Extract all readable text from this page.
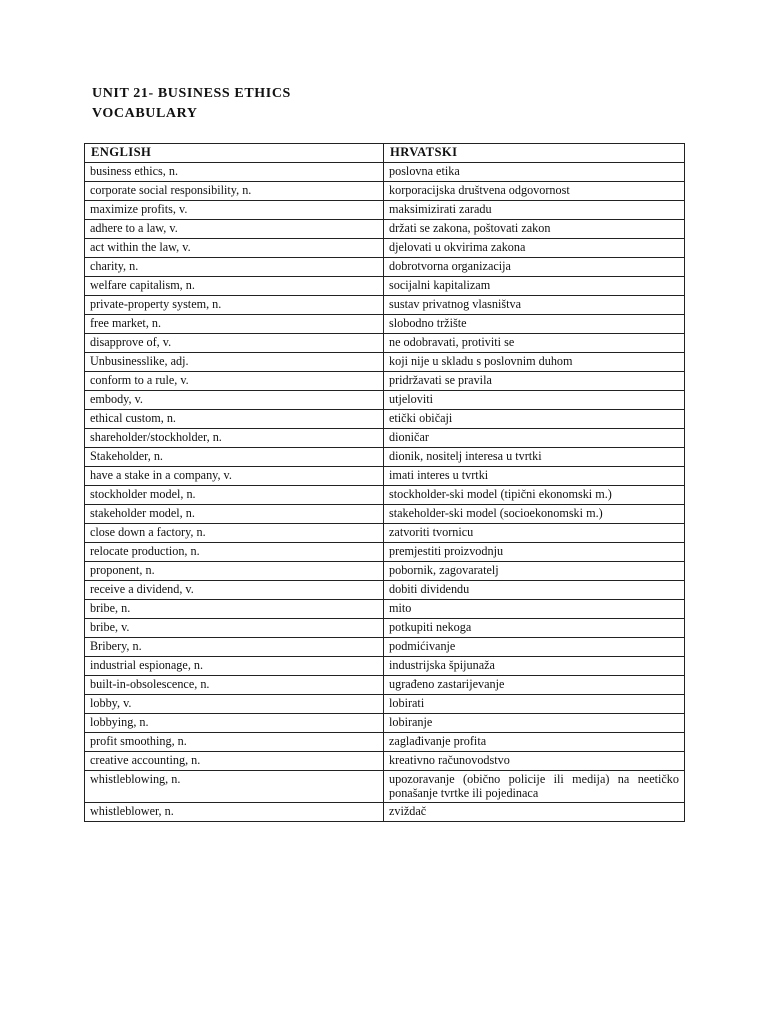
UNIT 21- BUSINESS ETHICS
VOCABULARY
ENGLISH	HRVATSKI
business ethics, n.	poslovna etika
corporate social responsibility, n.	korporacijska društvena odgovornost
maximize profits, v.	maksimizirati zaradu
adhere to a law, v.	držati se zakona, poštovati zakon
act within the law, v.	djelovati u okvirima zakona
charity, n.	dobrotvorna organizacija
welfare capitalism, n.	socijalni kapitalizam
private-property system, n.	sustav privatnog vlasništva
free market, n.	slobodno tržište
disapprove of, v.	ne odobravati, protiviti se
Unbusinesslike, adj.	koji nije u skladu s poslovnim duhom
conform to a rule, v.	pridržavati se pravila
embody, v.	utjeloviti
ethical custom, n.	etički običaji
shareholder/stockholder, n.	dioničar
Stakeholder, n.	dionik, nositelj interesa u tvrtki
have a stake in a company, v.	imati interes u tvrtki
stockholder model, n.	stockholder-ski model (tipični ekonomski m.)
stakeholder model, n.	stakeholder-ski model (socioekonomski m.)
close down a factory, n.	zatvoriti tvornicu
relocate production, n.	premjestiti proizvodnju
proponent, n.	pobornik, zagovaratelj
receive a dividend, v.	dobiti dividendu
bribe, n.	mito
bribe, v.	potkupiti nekoga
Bribery, n.	podmićivanje
industrial espionage, n.	industrijska špijunaža
built-in-obsolescence, n.	ugrađeno zastarijevanje
lobby, v.	lobirati
lobbying, n.	lobiranje
profit smoothing, n.	zaglađivanje profita
creative accounting, n.	kreativno računovodstvo
whistleblowing, n.	upozoravanje (obično policije ili medija) na neetičko ponašanje tvrtke ili pojedinaca
whistleblower, n.	zviždač
